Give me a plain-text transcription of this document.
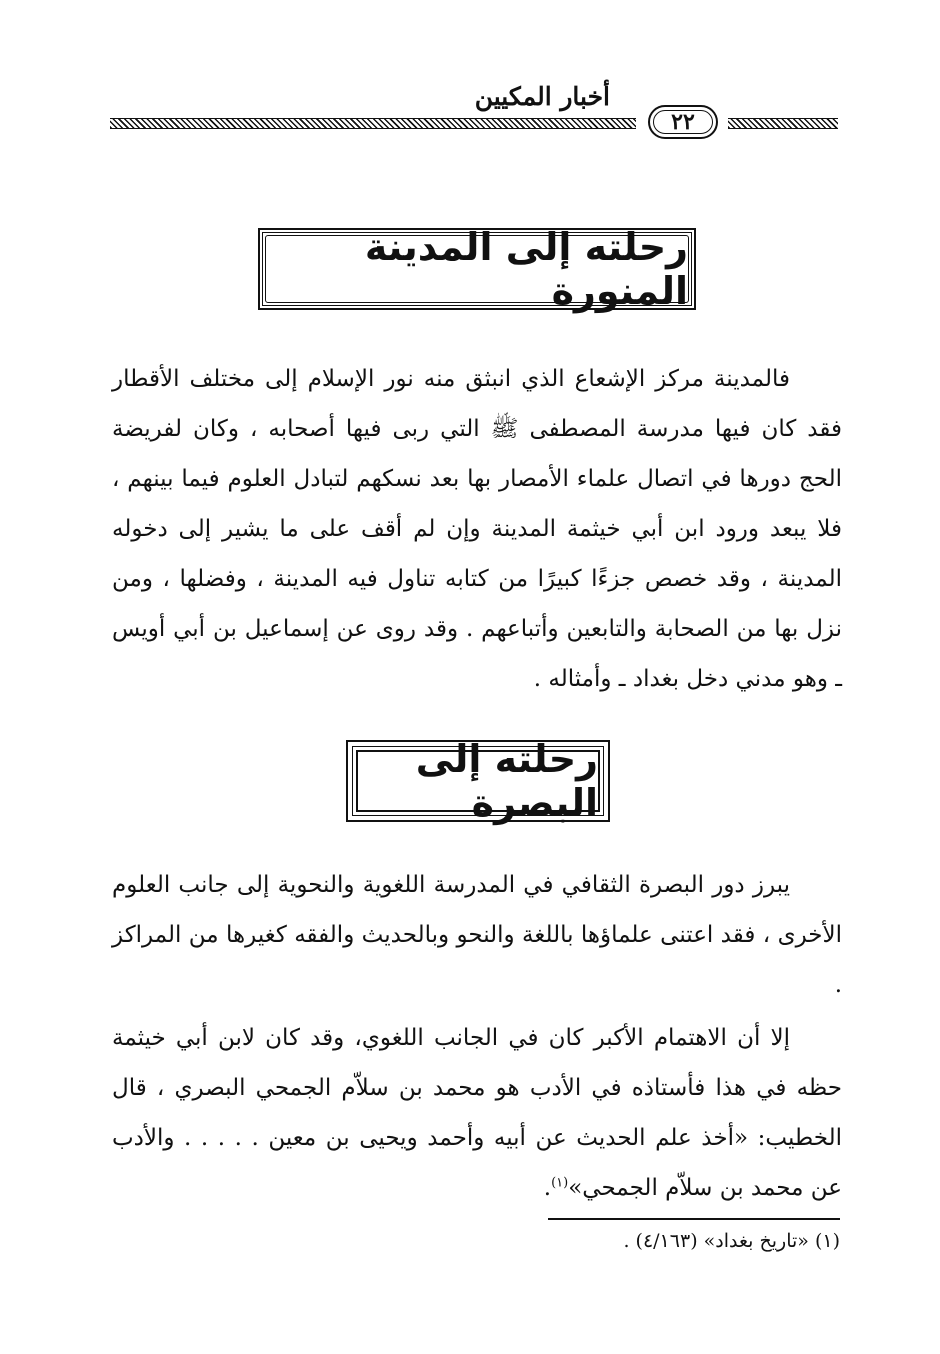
أخبار المكيين
٢٢
رحلته إلى المدينة المنورة

فالمدينة مركز الإشعاع الذي انبثق منه نور الإسلام إلى مختلف الأقطار فقد كان فيها مدرسة المصطفى ﷺ التي ربى فيها أصحابه ، وكان لفريضة الحج دورها في اتصال علماء الأمصار بها بعد نسكهم لتبادل العلوم فيما بينهم ، فلا يبعد ورود ابن أبي خيثمة المدينة وإن لم أقف على ما يشير إلى دخوله المدينة ، وقد خصص جزءًا كبيرًا من كتابه تناول فيه المدينة ، وفضلها ، ومن نزل بها من الصحابة والتابعين وأتباعهم . وقد روى عن إسماعيل بن أبي أويس ـ وهو مدني دخل بغداد ـ وأمثاله .

رحلته إلى البصرة

يبرز دور البصرة الثقافي في المدرسة اللغوية والنحوية إلى جانب العلوم الأخرى ، فقد اعتنى علماؤها باللغة والنحو وبالحديث والفقه كغيرها من المراكز .

إلا أن الاهتمام الأكبر كان في الجانب اللغوي، وقد كان لابن أبي خيثمة حظه في هذا فأستاذه في الأدب هو محمد بن سلاّم الجمحي البصري ، قال الخطيب: «أخذ علم الحديث عن أبيه وأحمد ويحيى بن معين . . . . . والأدب عن محمد بن سلاّم الجمحي»$^{(١)}$.

(١) «تاريخ بغداد» (٤/١٦٣) .
